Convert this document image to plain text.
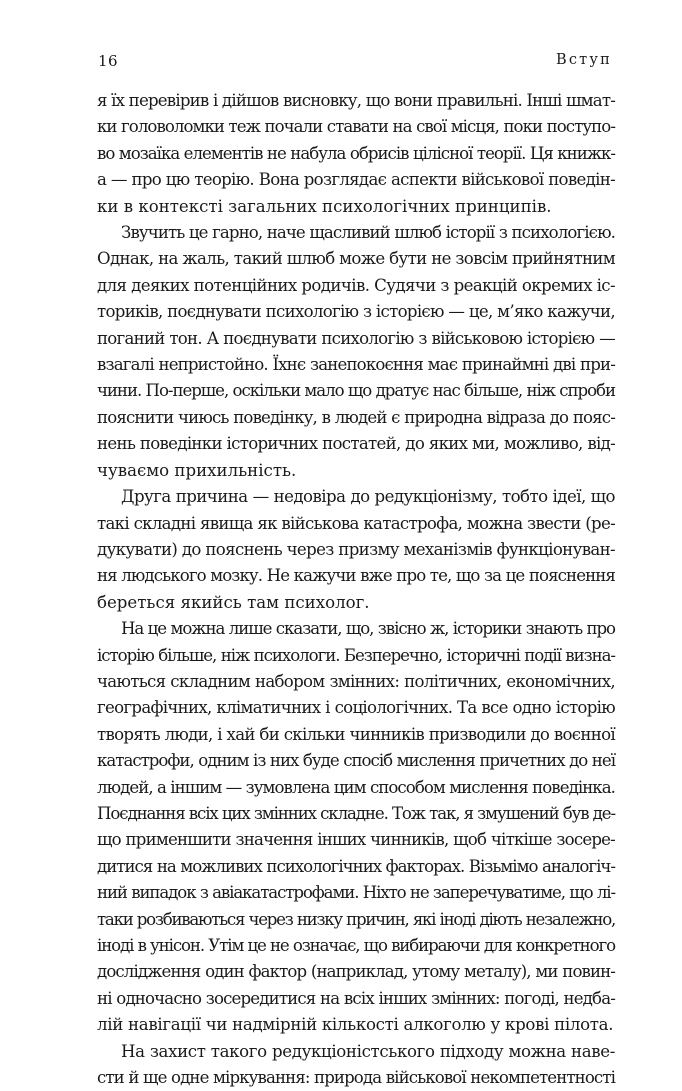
16	Вступ
я їх перевірив і дійшов висновку, що вони правильні. Інші шмат-
ки головоломки теж почали ставати на свої місця, поки поступо-
во мозаїка елементів не набула обрисів цілісної теорії. Ця книжк-
а — про цю теорію. Вона розглядає аспекти військової поведін-
ки в контексті загальних психологічних принципів.
Звучить це гарно, наче щасливий шлюб історії з психологією.
Однак, на жаль, такий шлюб може бути не зовсім прийнятним
для деяких потенційних родичів. Судячи з реакцій окремих іс-
ториків, поєднувати психологію з історією — це, м’яко кажучи,
поганий тон. А поєднувати психологію з військовою історією —
взагалі непристойно. Їхнє занепокоєння має принаймні дві при-
чини. По-перше, оскільки мало що дратує нас більше, ніж спроби
пояснити чиюсь поведінку, в людей є природна відраза до пояс-
нень поведінки історичних постатей, до яких ми, можливо, від-
чуваємо прихильність.
Друга причина — недовіра до редукціонізму, тобто ідеї, що
такі складні явища як військова катастрофа, можна звести (ре-
дукувати) до пояснень через призму механізмів функціонуван-
ня людського мозку. Не кажучи вже про те, що за це пояснення
береться якийсь там психолог.
На це можна лише сказати, що, звісно ж, історики знають про
історію більше, ніж психологи. Безперечно, історичні події визна-
чаються складним набором змінних: політичних, економічних,
географічних, кліматичних і соціологічних. Та все одно історію
творять люди, і хай би скільки чинників призводили до воєнної
катастрофи, одним із них буде спосіб мислення причетних до неї
людей, а іншим — зумовлена цим способом мислення поведінка.
Поєднання всіх цих змінних складне. Тож так, я змушений був де-
що применшити значення інших чинників, щоб чіткіше зосере-
дитися на можливих психологічних факторах. Візьмімо аналогіч-
ний випадок з авіакатастрофами. Ніхто не заперечуватиме, що лі-
таки розбиваються через низку причин, які іноді діють незалежно,
іноді в унісон. Утім це не означає, що вибираючи для конкретного
дослідження один фактор (наприклад, утому металу), ми повин-
ні одночасно зосередитися на всіх інших змінних: погоді, недба-
лій навігації чи надмірній кількості алкоголю у крові пілота.
На захист такого редукціоністського підходу можна наве-
сти й ще одне міркування: природа військової некомпетентності
